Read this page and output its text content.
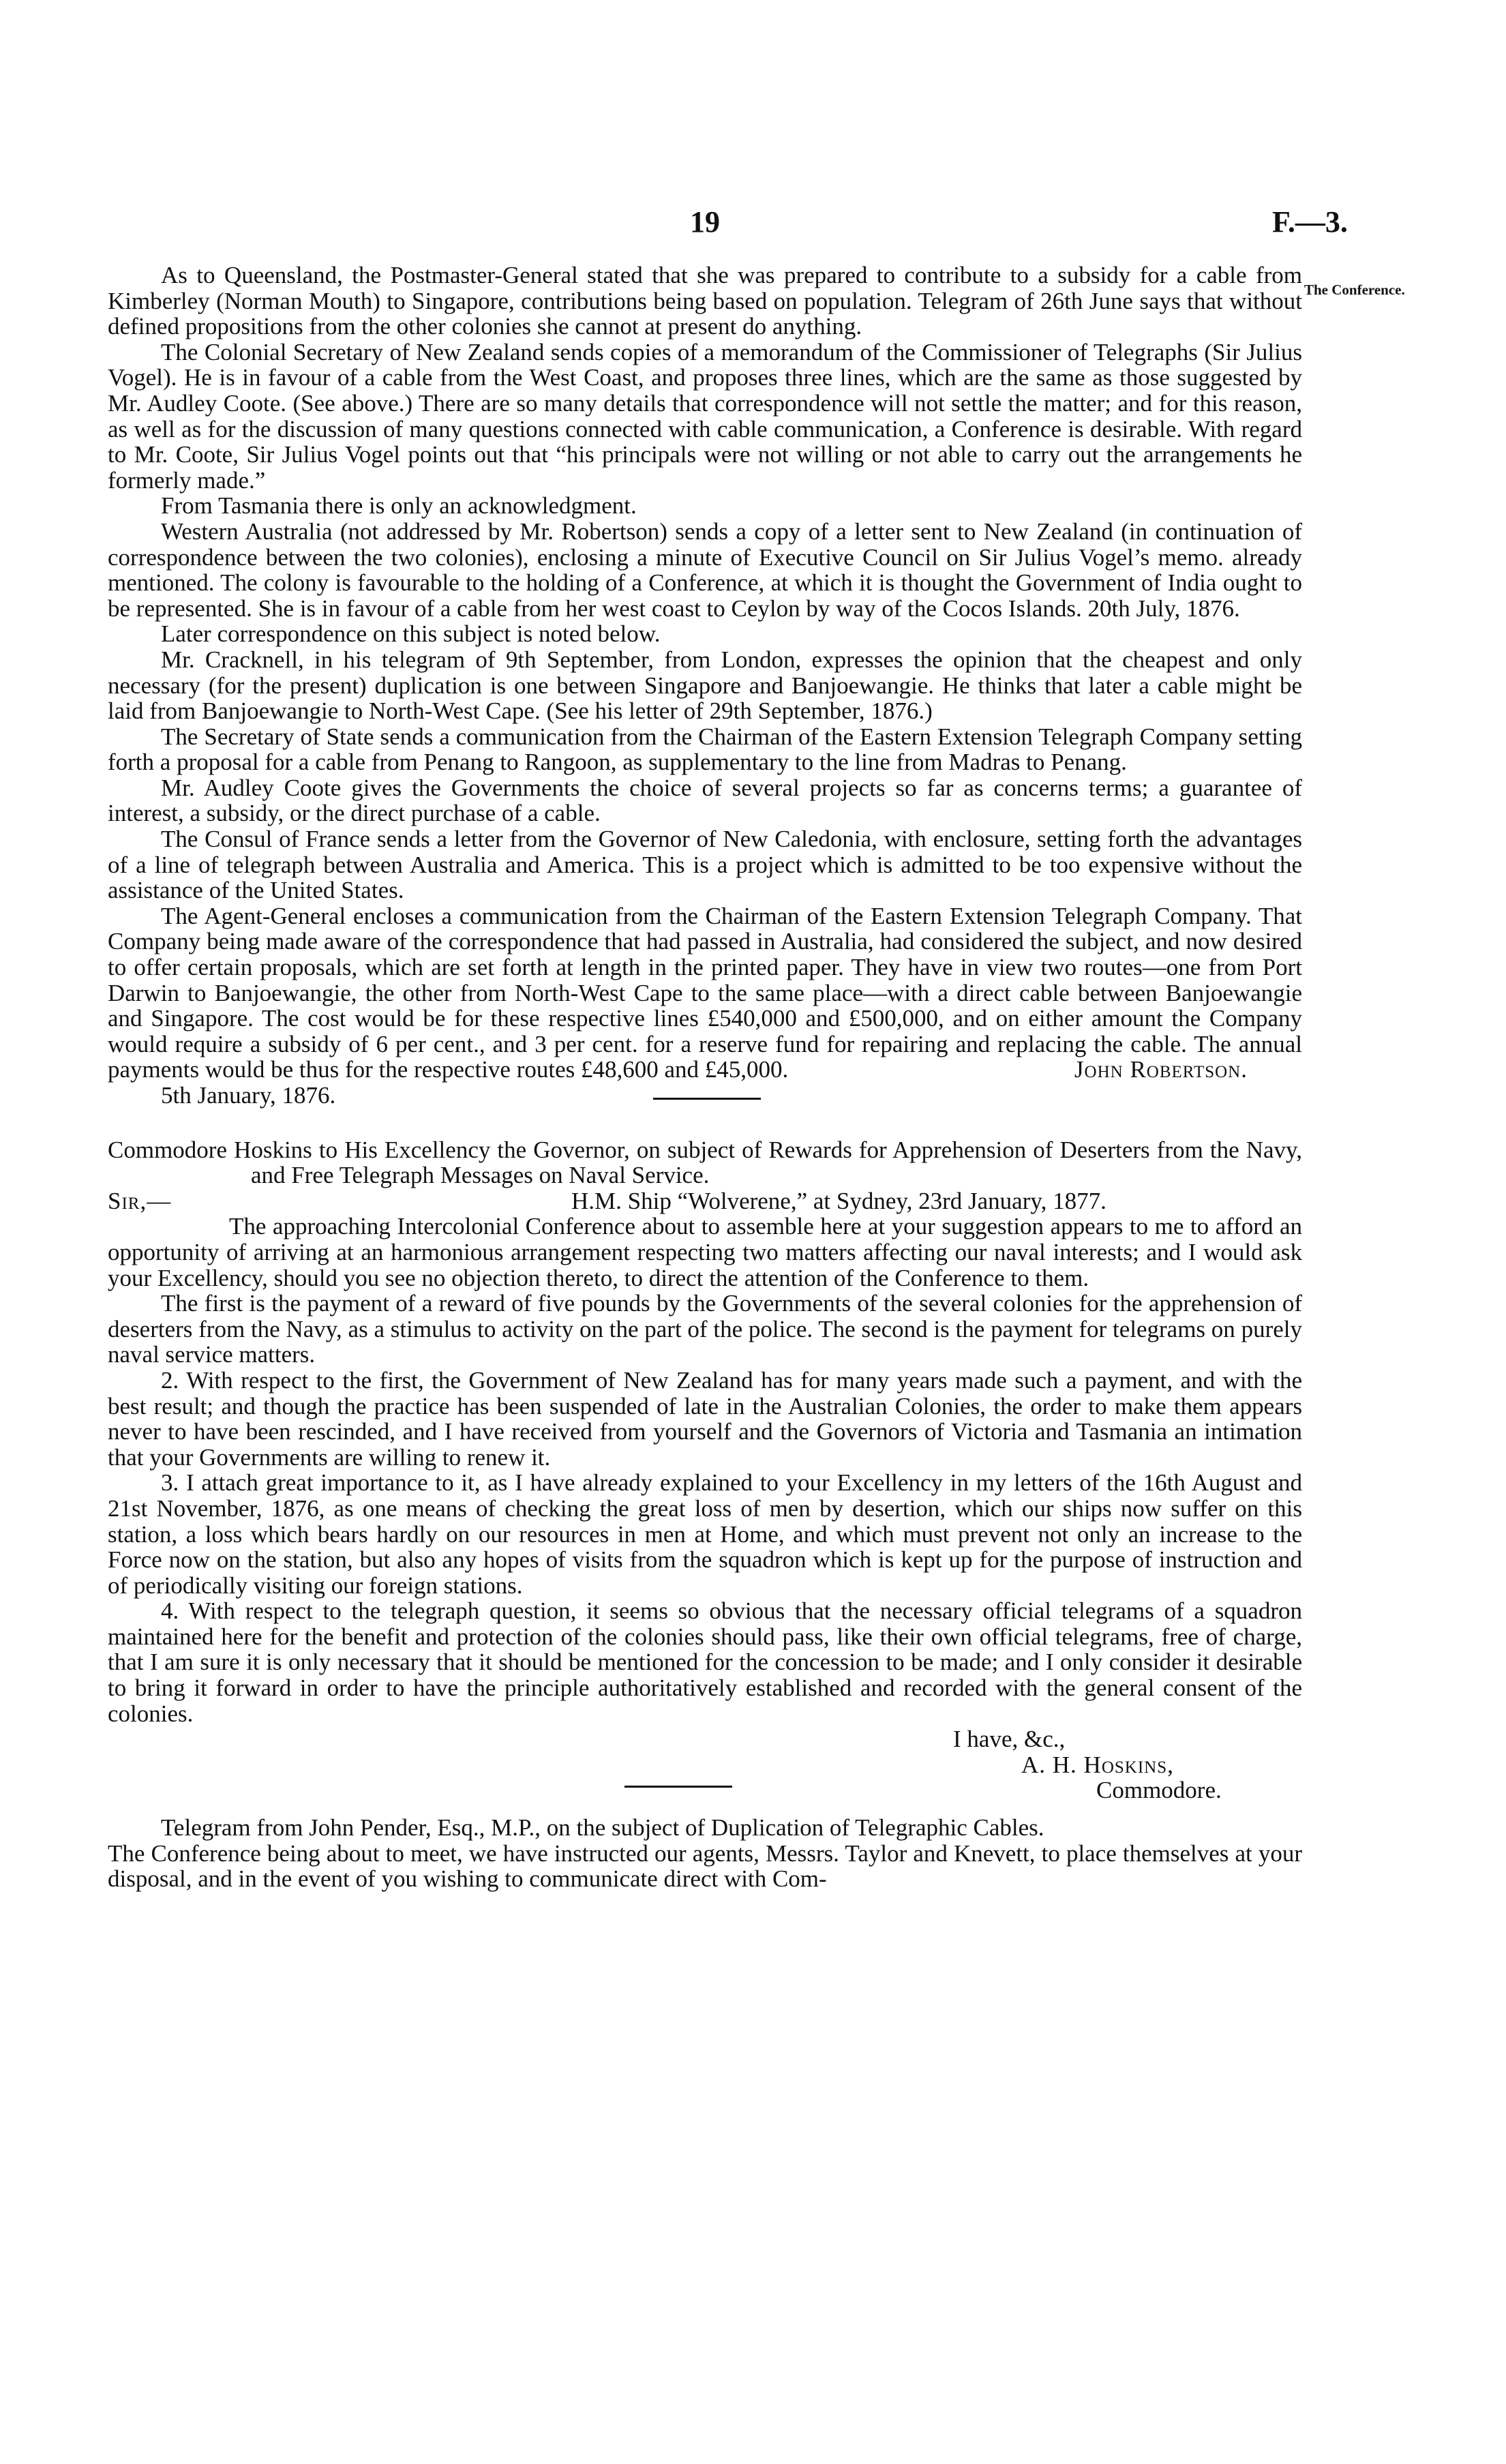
19	F.—3.
The Conference.

As to Queensland, the Postmaster-General stated that she was prepared to contribute to a subsidy for a cable from Kimberley (Norman Mouth) to Singapore, contributions being based on population. Telegram of 26th June says that without defined propositions from the other colonies she cannot at present do anything.

The Colonial Secretary of New Zealand sends copies of a memorandum of the Commissioner of Telegraphs (Sir Julius Vogel). He is in favour of a cable from the West Coast, and proposes three lines, which are the same as those suggested by Mr. Audley Coote. (See above.) There are so many details that correspondence will not settle the matter; and for this reason, as well as for the discussion of many questions connected with cable communication, a Conference is desirable. With regard to Mr. Coote, Sir Julius Vogel points out that “his principals were not willing or not able to carry out the arrangements he formerly made.”

From Tasmania there is only an acknowledgment.

Western Australia (not addressed by Mr. Robertson) sends a copy of a letter sent to New Zealand (in continuation of correspondence between the two colonies), enclosing a minute of Executive Council on Sir Julius Vogel’s memo. already mentioned. The colony is favourable to the holding of a Conference, at which it is thought the Government of India ought to be represented. She is in favour of a cable from her west coast to Ceylon by way of the Cocos Islands. 20th July, 1876.

Later correspondence on this subject is noted below.

Mr. Cracknell, in his telegram of 9th September, from London, expresses the opinion that the cheapest and only necessary (for the present) duplication is one between Singapore and Banjoewangie. He thinks that later a cable might be laid from Banjoewangie to North-West Cape. (See his letter of 29th September, 1876.)

The Secretary of State sends a communication from the Chairman of the Eastern Extension Telegraph Company setting forth a proposal for a cable from Penang to Rangoon, as supplementary to the line from Madras to Penang.

Mr. Audley Coote gives the Governments the choice of several projects so far as concerns terms; a guarantee of interest, a subsidy, or the direct purchase of a cable.

The Consul of France sends a letter from the Governor of New Caledonia, with enclosure, setting forth the advantages of a line of telegraph between Australia and America. This is a project which is admitted to be too expensive without the assistance of the United States.

The Agent-General encloses a communication from the Chairman of the Eastern Extension Telegraph Company. That Company being made aware of the correspondence that had passed in Australia, had considered the subject, and now desired to offer certain proposals, which are set forth at length in the printed paper. They have in view two routes—one from Port Darwin to Banjoewangie, the other from North-West Cape to the same place—with a direct cable between Banjoewangie and Singapore. The cost would be for these respective lines £540,000 and £500,000, and on either amount the Company would require a subsidy of 6 per cent., and 3 per cent. for a reserve fund for repairing and replacing the cable. The annual payments would be thus for the respective routes £48,600 and £45,000.	John Robertson.

5th January, 1876.

Commodore Hoskins to His Excellency the Governor, on subject of Rewards for Apprehension of Deserters from the Navy, and Free Telegraph Messages on Naval Service.

Sir,—	H.M. Ship “Wolverene,” at Sydney, 23rd January, 1877.

The approaching Intercolonial Conference about to assemble here at your suggestion appears to me to afford an opportunity of arriving at an harmonious arrangement respecting two matters affecting our naval interests; and I would ask your Excellency, should you see no objection thereto, to direct the attention of the Conference to them.

The first is the payment of a reward of five pounds by the Governments of the several colonies for the apprehension of deserters from the Navy, as a stimulus to activity on the part of the police. The second is the payment for telegrams on purely naval service matters.

2. With respect to the first, the Government of New Zealand has for many years made such a payment, and with the best result; and though the practice has been suspended of late in the Australian Colonies, the order to make them appears never to have been rescinded, and I have received from yourself and the Governors of Victoria and Tasmania an intimation that your Governments are willing to renew it.

3. I attach great importance to it, as I have already explained to your Excellency in my letters of the 16th August and 21st November, 1876, as one means of checking the great loss of men by desertion, which our ships now suffer on this station, a loss which bears hardly on our resources in men at Home, and which must prevent not only an increase to the Force now on the station, but also any hopes of visits from the squadron which is kept up for the purpose of instruction and of periodically visiting our foreign stations.

4. With respect to the telegraph question, it seems so obvious that the necessary official telegrams of a squadron maintained here for the benefit and protection of the colonies should pass, like their own official telegrams, free of charge, that I am sure it is only necessary that it should be mentioned for the concession to be made; and I only consider it desirable to bring it forward in order to have the principle authoritatively established and recorded with the general consent of the colonies.

I have, &c.,

A. H. Hoskins,

Commodore.

Telegram from John Pender, Esq., M.P., on the subject of Duplication of Telegraphic Cables.

The Conference being about to meet, we have instructed our agents, Messrs. Taylor and Knevett, to place themselves at your disposal, and in the event of you wishing to communicate direct with Com-
